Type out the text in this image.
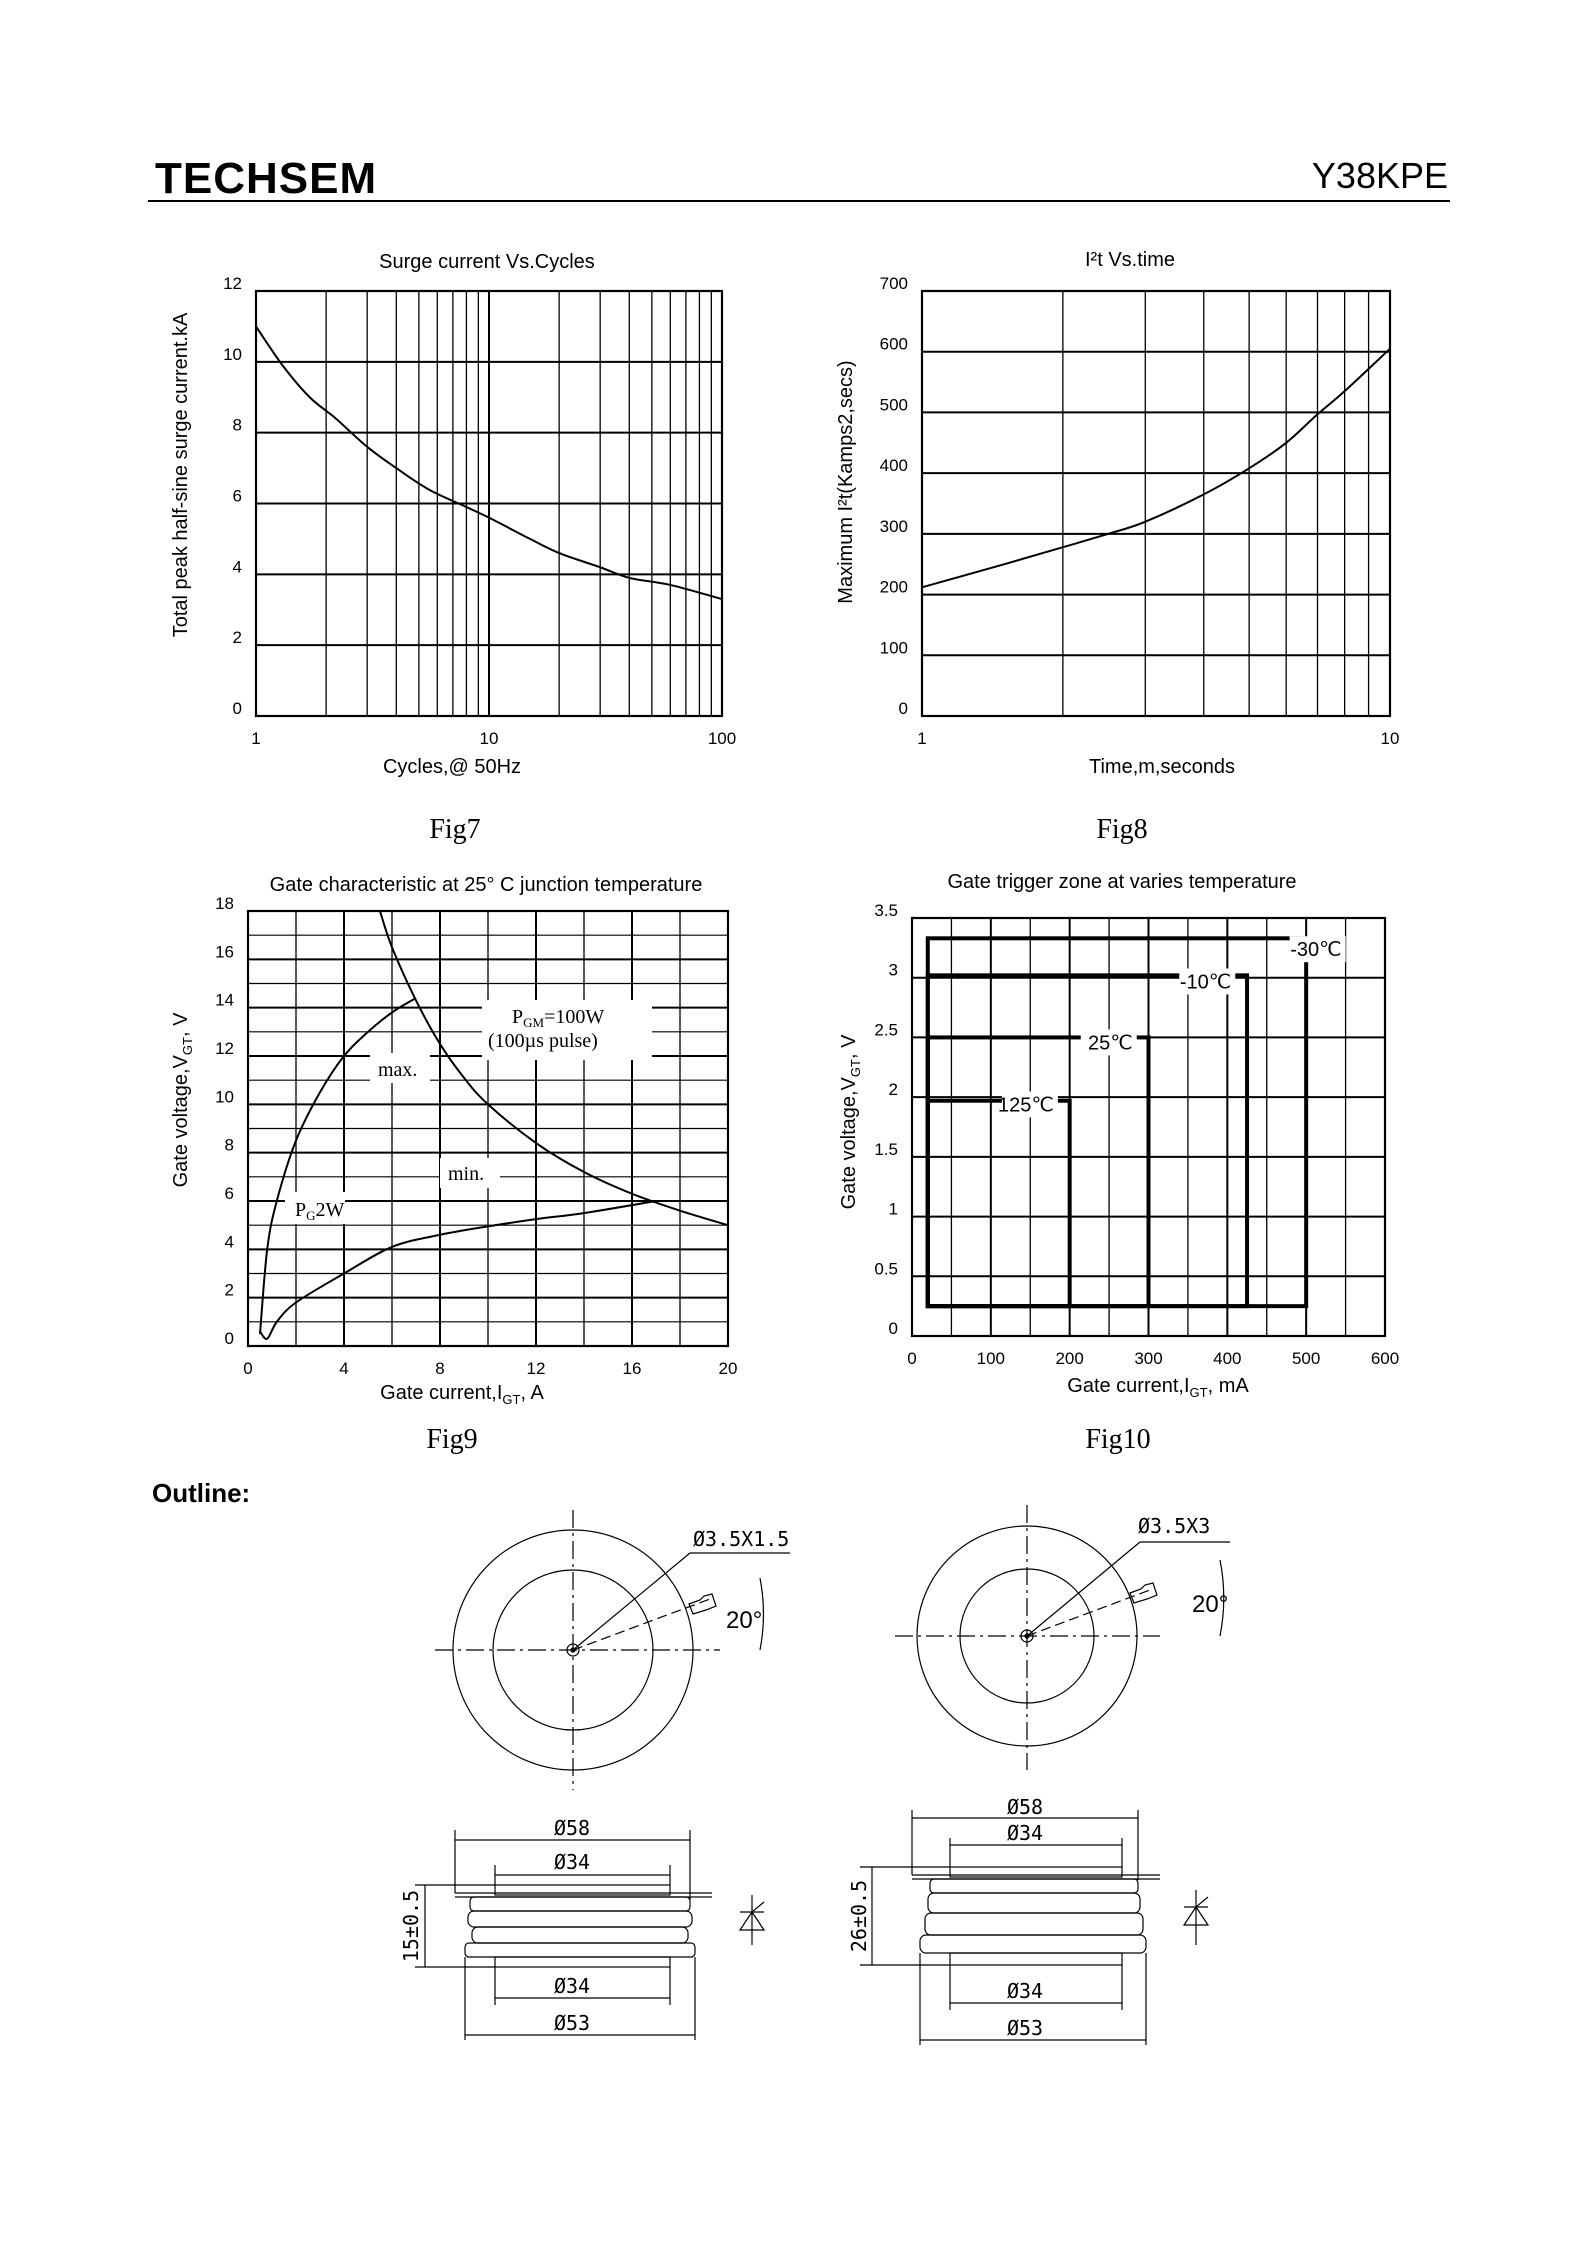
TECHSEM	Y38KPE
Surge current Vs.Cycles
1	10	100
0
2
4
6
8
10
12
Cycles,@ 50Hz
Total peak half-sine surge current.kA
Fig7
I²t Vs.time
1	10
0
100
200
300
400
500
600
700
Time,m,seconds
Maximum I²t(Kamps2,secs)
Fig8
Gate characteristic at 25° C junction temperature
0	4	8	12	16	20
0
2
4
6
8
10
12
14
16
18
Gate $current,I_{GT}$, A
Gate $voltage,V_{GT}$, V
Fig9
max.
min.
$P_G2W$
$P_{GM}=100W$
(100µs pulse)
Gate trigger zone at varies temperature
0	100	200	300	400	500	600
0
0.5
1
1.5
2
2.5
3
3.5
-30℃
-10℃
25℃
125℃
Gate $current,I_{GT}$, mA
Gate $voltage,V_{GT}$, V
Fig10
Outline:
Ø3.5X1.5
20°
Ø58
Ø34
Ø34
Ø53
15±0.5
Ø3.5X3
20°
Ø58
Ø34
Ø34
Ø53
26±0.5
